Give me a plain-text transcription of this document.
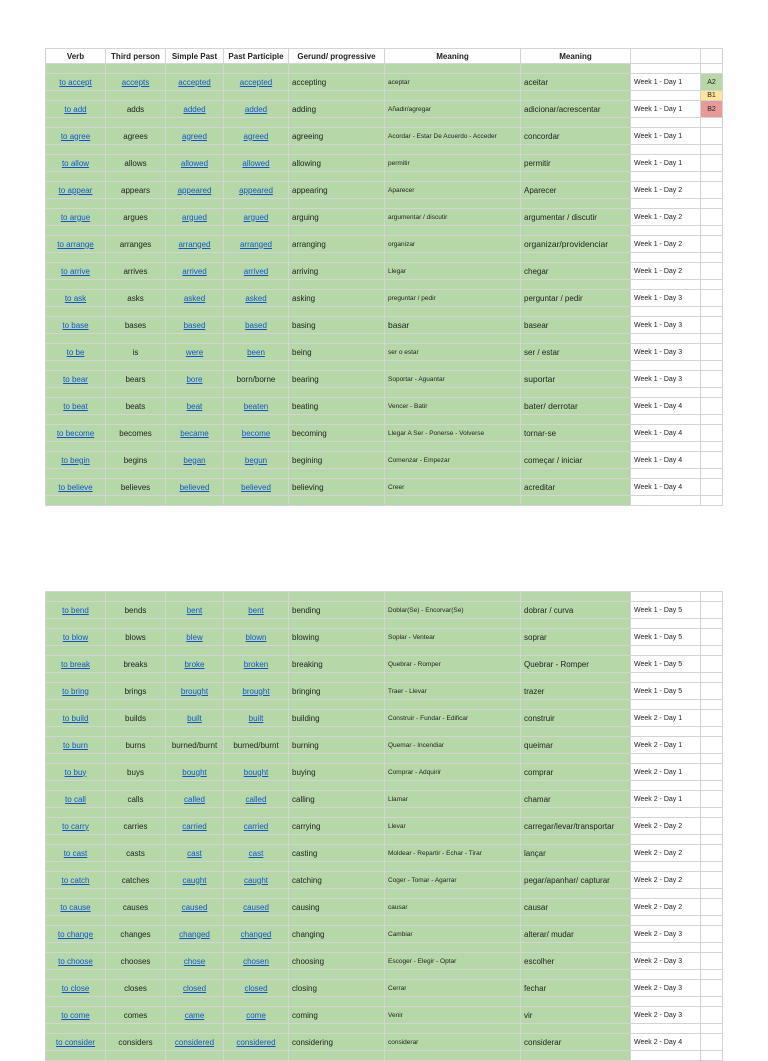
Verb	Third person	Simple Past	Past Participle	Gerund/ progressive	Meaning	Meaning		

to accept	accepts	accepted	accepted	accepting	aceptar	aceitar	Week 1 - Day 1	A2
								B1
to add	adds	added	added	adding	Añadir/agregar	adicionar/acrescentar	Week 1 - Day 1	B2

to agree	agrees	agreed	agreed	agreeing	Acordar - Estar De Acuerdo - Acceder	concordar	Week 1 - Day 1	

to allow	allows	allowed	allowed	allowing	permitir	permitir	Week 1 - Day 1	

to appear	appears	appeared	appeared	appearing	Aparecer	Aparecer	Week 1 - Day 2	

to argue	argues	argued	argued	arguing	argumentar / discutir	argumentar / discutir	Week 1 - Day 2	

to arrange	arranges	arranged	arranged	arranging	organizar	organizar/providenciar	Week 1 - Day 2	

to arrive	arrives	arrived	arrived	arriving	Llegar	chegar	Week 1 - Day 2	

to ask	asks	asked	asked	asking	preguntar / pedir	perguntar / pedir	Week 1 - Day 3	

to base	bases	based	based	basing	basar	basear	Week 1 - Day 3	

to be	is	were	been	being	ser o estar	ser / estar	Week 1 - Day 3	

to bear	bears	bore	born/borne	bearing	Soportar - Aguantar	suportar	Week 1 - Day 3	

to beat	beats	beat	beaten	beating	Vencer - Batir	bater/ derrotar	Week 1 - Day 4	

to become	becomes	became	become	becoming	Llegar A Ser - Ponerse - Volverse	tornar-se	Week 1 - Day 4	

to begin	begins	began	begun	begining	Comenzar - Empezar	começar / iniciar	Week 1 - Day 4	

to believe	believes	believed	believed	believing	Creer	acreditar	Week 1 - Day 4	

to bend	bends	bent	bent	bending	Doblar(Se) - Encorvar(Se)	dobrar / curva	Week 1 - Day 5	

to blow	blows	blew	blown	blowing	Soplar - Ventear	soprar	Week 1 - Day 5	

to break	breaks	broke	broken	breaking	Quebrar - Romper	Quebrar - Romper	Week 1 - Day 5	

to bring	brings	brought	brought	bringing	Traer - Llevar	trazer	Week 1 - Day 5	

to build	builds	built	built	building	Construir - Fundar - Edificar	construir	Week 2 - Day 1	

to burn	burns	burned/burnt	burned/burnt	burning	Quemar - Incendiar	queimar	Week 2 - Day 1	

to buy	buys	bought	bought	buying	Comprar - Adquirir	comprar	Week 2 - Day 1	

to call	calls	called	called	calling	Llamar	chamar	Week 2 - Day 1	

to carry	carries	carried	carried	carrying	Llevar	carregar/levar/transportar	Week 2 - Day 2	

to cast	casts	cast	cast	casting	Moldear - Repartir - Echar - Tirar	lançar	Week 2 - Day 2	

to catch	catches	caught	caught	catching	Coger - Tomar - Agarrar	pegar/apanhar/ capturar	Week 2 - Day 2	

to cause	causes	caused	caused	causing	causar	causar	Week 2 - Day 2	

to change	changes	changed	changed	changing	Cambiar	alterar/ mudar	Week 2 - Day 3	

to choose	chooses	chose	chosen	choosing	Escoger - Elegir - Optar	escolher	Week 2 - Day 3	

to close	closes	closed	closed	closing	Cerrar	fechar	Week 2 - Day 3	

to come	comes	came	come	coming	Venir	vir	Week 2 - Day 3	

to consider	considers	considered	considered	considering	considerar	considerar	Week 2 - Day 4	
